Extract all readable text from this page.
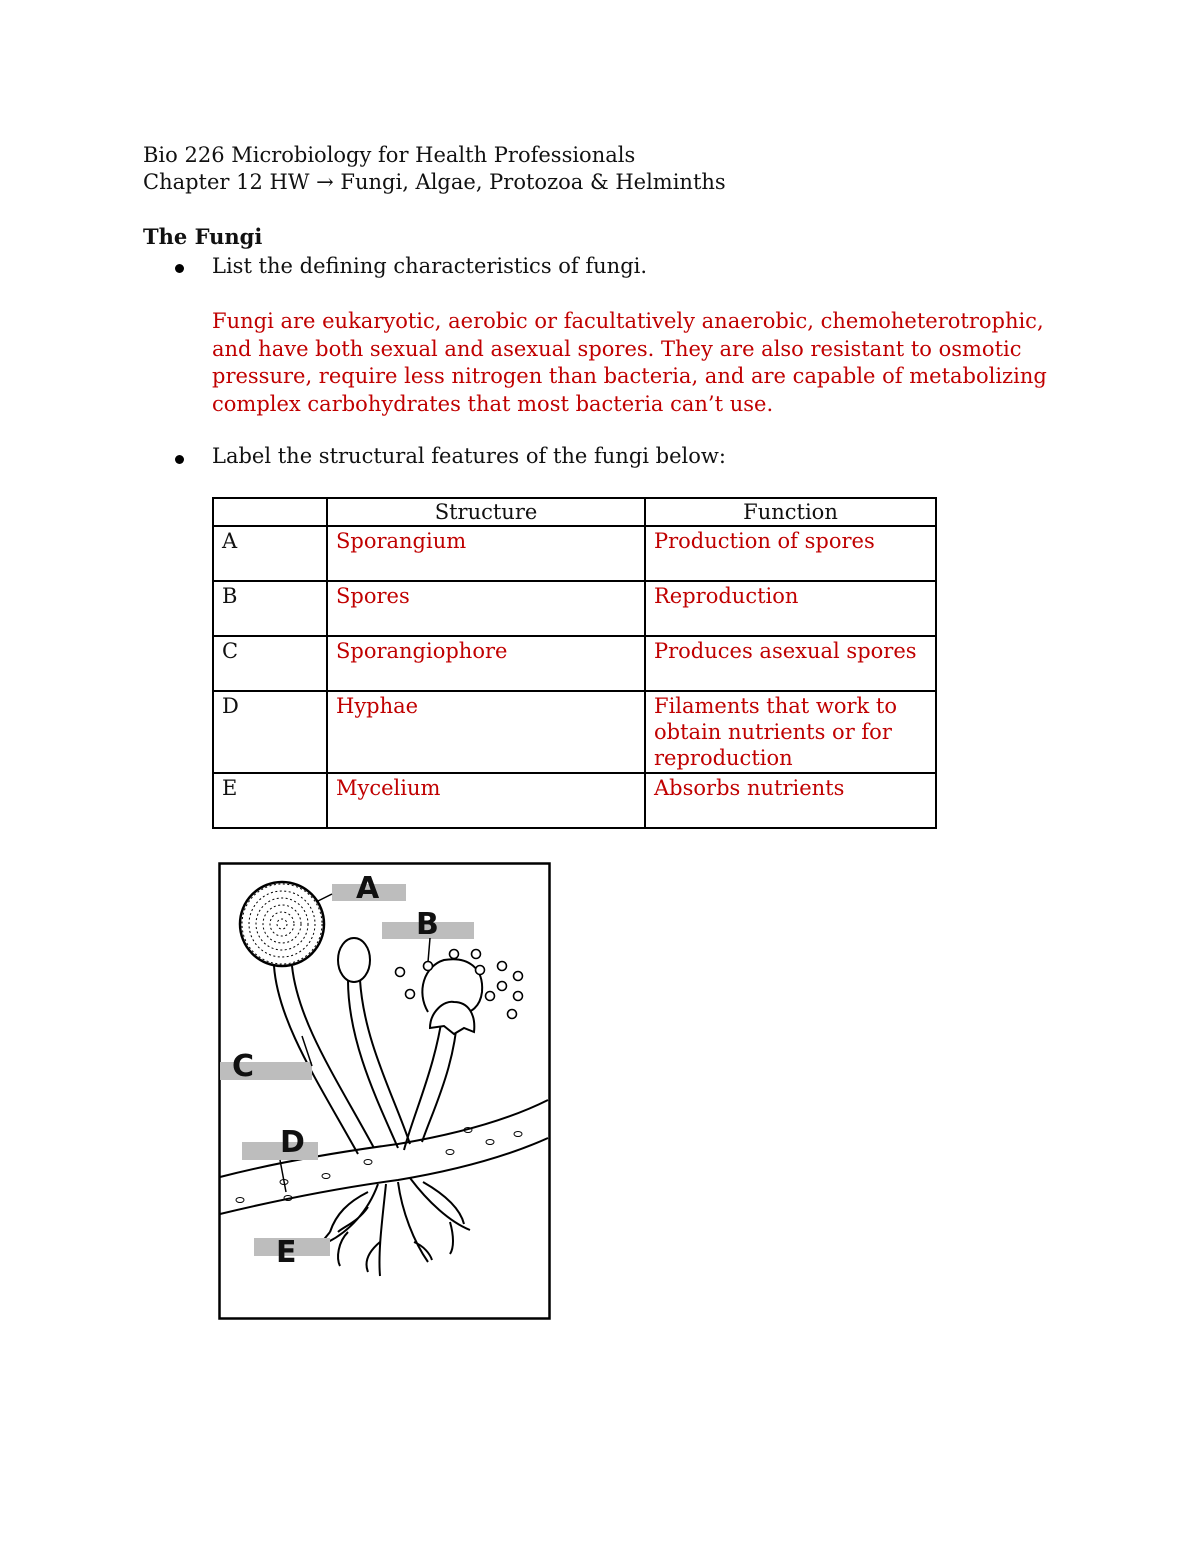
Bio 226 Microbiology for Health Professionals
Chapter 12 HW → Fungi, Algae, Protozoa & Helminths
The Fungi
List the defining characteristics of fungi.
Fungi are eukaryotic, aerobic or facultatively anaerobic, chemoheterotrophic, and have both sexual and asexual spores. They are also resistant to osmotic pressure, require less nitrogen than bacteria, and are capable of metabolizing complex carbohydrates that most bacteria can’t use.
Label the structural features of the fungi below:
	Structure	Function
A	Sporangium	Production of spores
B	Spores	Reproduction
C	Sporangiophore	Produces asexual spores
D	Hyphae	Filaments that work to obtain nutrients or for reproduction
E	Mycelium	Absorbs nutrients
A
B
C
D
E
